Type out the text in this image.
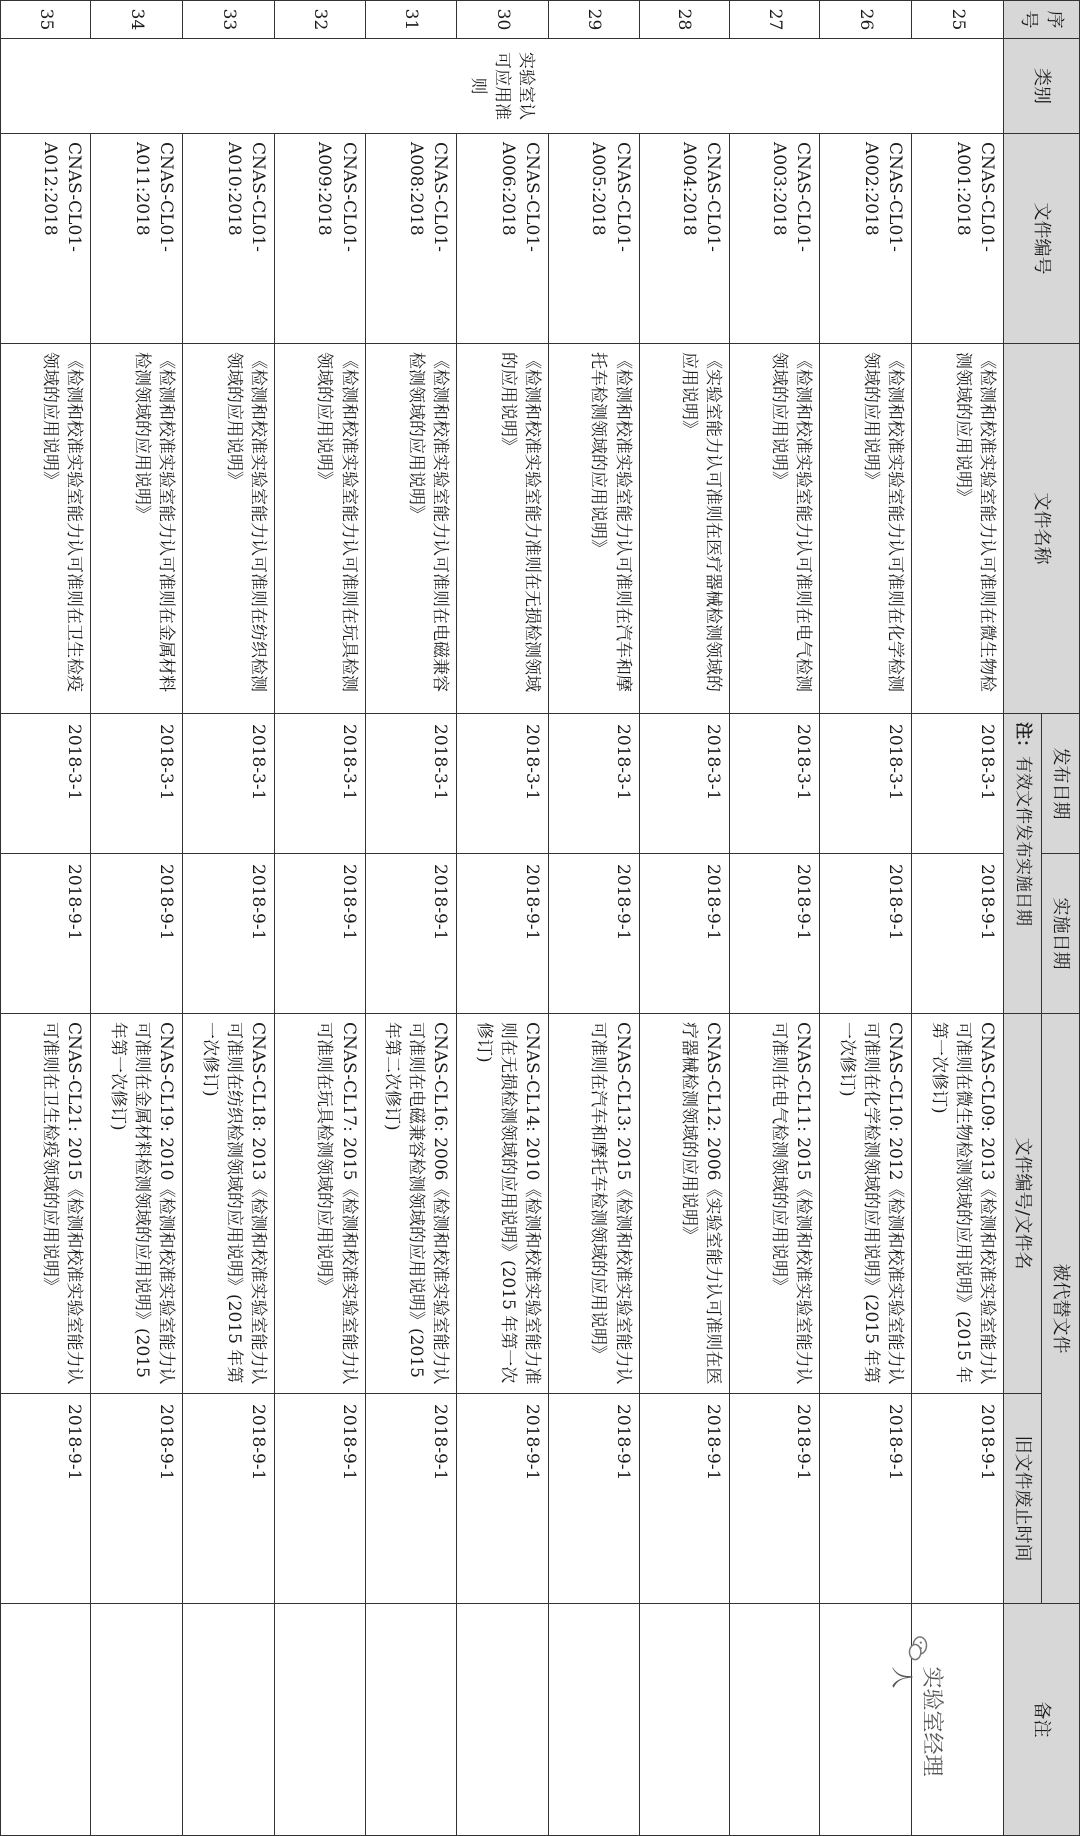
序号	类别	文件编号	文件名称	发布日期	实施日期	被代替文件		备注
				注：有效文件发布实施日期		文件编号/文件名	旧文件废止时间	

25	实验室认可应用准则	CNAS-CL01-A001:2018	《检测和校准实验室能力认可准则在微生物检测领域的应用说明》	2018-3-1	2018-9-1	CNAS-CL09: 2013《检测和校准实验室能力认可准则在微生物检测领域的应用说明》(2015 年第一次修订)	2018-9-1	
26		CNAS-CL01-A002:2018	《检测和校准实验室能力认可准则在化学检测领域的应用说明》	2018-3-1	2018-9-1	CNAS-CL10: 2012《检测和校准实验室能力认可准则在化学检测领域的应用说明》(2015 年第一次修订)	2018-9-1	
27		CNAS-CL01-A003:2018	《检测和校准实验室能力认可准则在电气检测领域的应用说明》	2018-3-1	2018-9-1	CNAS-CL11: 2015《检测和校准实验室能力认可准则在电气检测领域的应用说明》	2018-9-1	
28		CNAS-CL01-A004:2018	《实验室能力认可准则在医疗器械检测领域的应用说明》	2018-3-1	2018-9-1	CNAS-CL12: 2006《实验室能力认可准则在医疗器械检测领域的应用说明》	2018-9-1	
29		CNAS-CL01-A005:2018	《检测和校准实验室能力认可准则在汽车和摩托车检测领域的应用说明》	2018-3-1	2018-9-1	CNAS-CL13: 2015《检测和校准实验室能力认可准则在汽车和摩托车检测领域的应用说明》	2018-9-1	
30		CNAS-CL01-A006:2018	《检测和校准实验室能力准则在无损检测领域的应用说明》	2018-3-1	2018-9-1	CNAS-CL14: 2010《检测和校准实验室能力准则在无损检测领域的应用说明》(2015 年第一次修订)	2018-9-1	
31		CNAS-CL01-A008:2018	《检测和校准实验室能力认可准则在电磁兼容检测领域的应用说明》	2018-3-1	2018-9-1	CNAS-CL16: 2006《检测和校准实验室能力认可准则在电磁兼容检测领域的应用说明》(2015 年第二次修订)	2018-9-1	
32		CNAS-CL01-A009:2018	《检测和校准实验室能力认可准则在玩具检测领域的应用说明》	2018-3-1	2018-9-1	CNAS-CL17: 2015《检测和校准实验室能力认可准则在玩具检测领域的应用说明》	2018-9-1	
33		CNAS-CL01-A010:2018	《检测和校准实验室能力认可准则在纺织检测领域的应用说明》	2018-3-1	2018-9-1	CNAS-CL18: 2013《检测和校准实验室能力认可准则在纺织检测领域的应用说明》(2015 年第一次修订)	2018-9-1	
34		CNAS-CL01-A011:2018	《检测和校准实验室能力认可准则在金属材料检测领域的应用说明》	2018-3-1	2018-9-1	CNAS-CL19: 2010《检测和校准实验室能力认可准则在金属材料检测领域的应用说明》(2015 年第一次修订)	2018-9-1	
35		CNAS-CL01-A012:2018	《检测和校准实验室能力认可准则在卫生检疫领域的应用说明》	2018-3-1	2018-9-1	CNAS-CL21: 2015《检测和校准实验室能力认可准则在卫生检疫领域的应用说明》	2018-9-1	
实验室经理人
